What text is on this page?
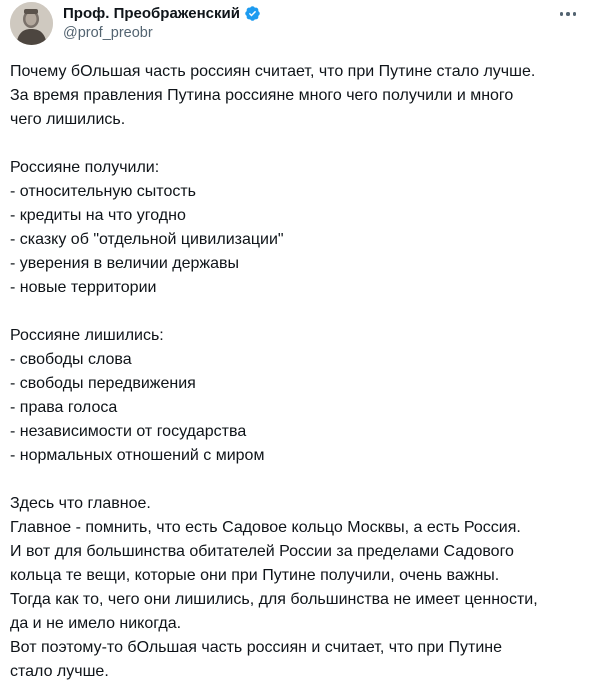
Проф. Преображенский
@prof_preobr
Почему бОльшая часть россиян считает, что при Путине стало лучше.
За время правления Путина россияне много чего получили и много
чего лишились.
Россияне получили:
- относительную сытость
- кредиты на что угодно
- сказку об "отдельной цивилизации"
- уверения в величии державы
- новые территории
Россияне лишились:
- свободы слова
- свободы передвижения
- права голоса
- независимости от государства
- нормальных отношений с миром
Здесь что главное.
Главное - помнить, что есть Садовое кольцо Москвы, а есть Россия.
И вот для большинства обитателей России за пределами Садового
кольца те вещи, которые они при Путине получили, очень важны.
Тогда как то, чего они лишились, для большинства не имеет ценности,
да и не имело никогда.
Вот поэтому-то бОльшая часть россиян и считает, что при Путине
стало лучше.
